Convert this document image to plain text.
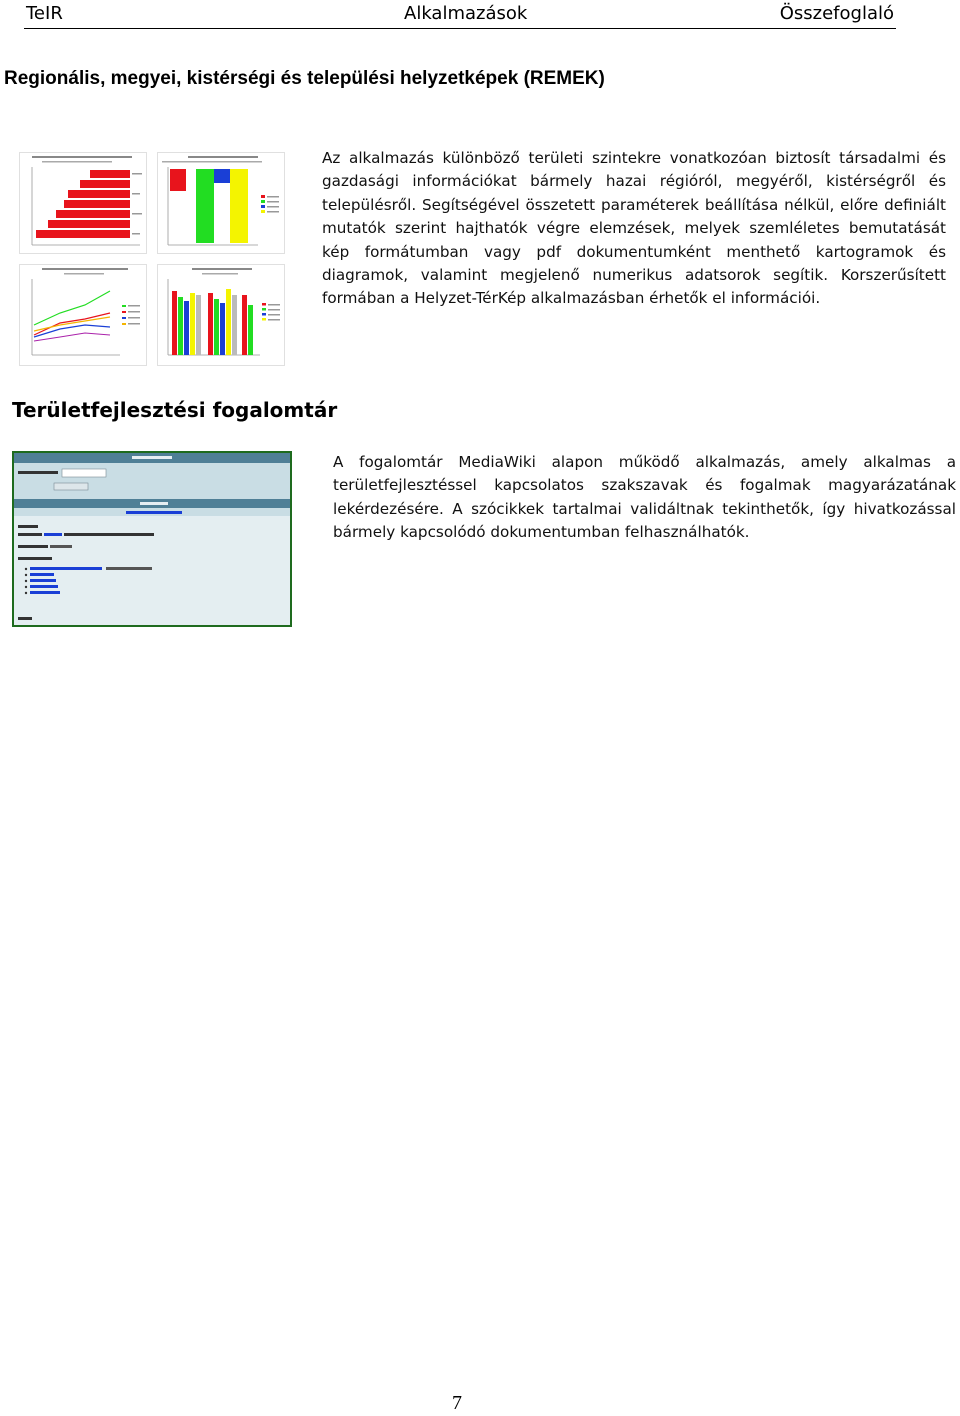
TeIR	Alkalmazások	Összefoglaló
Regionális, megyei, kistérségi és települési helyzetképek (REMEK)

Az alkalmazás különböző területi szintekre vonatkozóan biztosít társadalmi és gazdasági információkat bármely hazai régióról, megyéről, kistérségről és településről. Segítségével összetett paraméterek beállítása nélkül, előre definiált mutatók szerint hajthatók végre elemzések, melyek szemléletes bemutatását kép formátumban vagy pdf dokumentumként menthető kartogramok és diagramok, valamint megjelenő numerikus adatsorok segítik. Korszerűsített formában a Helyzet-TérKép alkalmazásban érhetők el információi.

Területfejlesztési fogalomtár

A fogalomtár MediaWiki alapon működő alkalmazás, amely alkalmas a területfejlesztéssel kapcsolatos szakszavak és fogalmak magyarázatának lekérdezésére. A szócikkek tartalmai validáltnak tekinthetők, így hivatkozással bármely kapcsolódó dokumentumban felhasználhatók.

7
